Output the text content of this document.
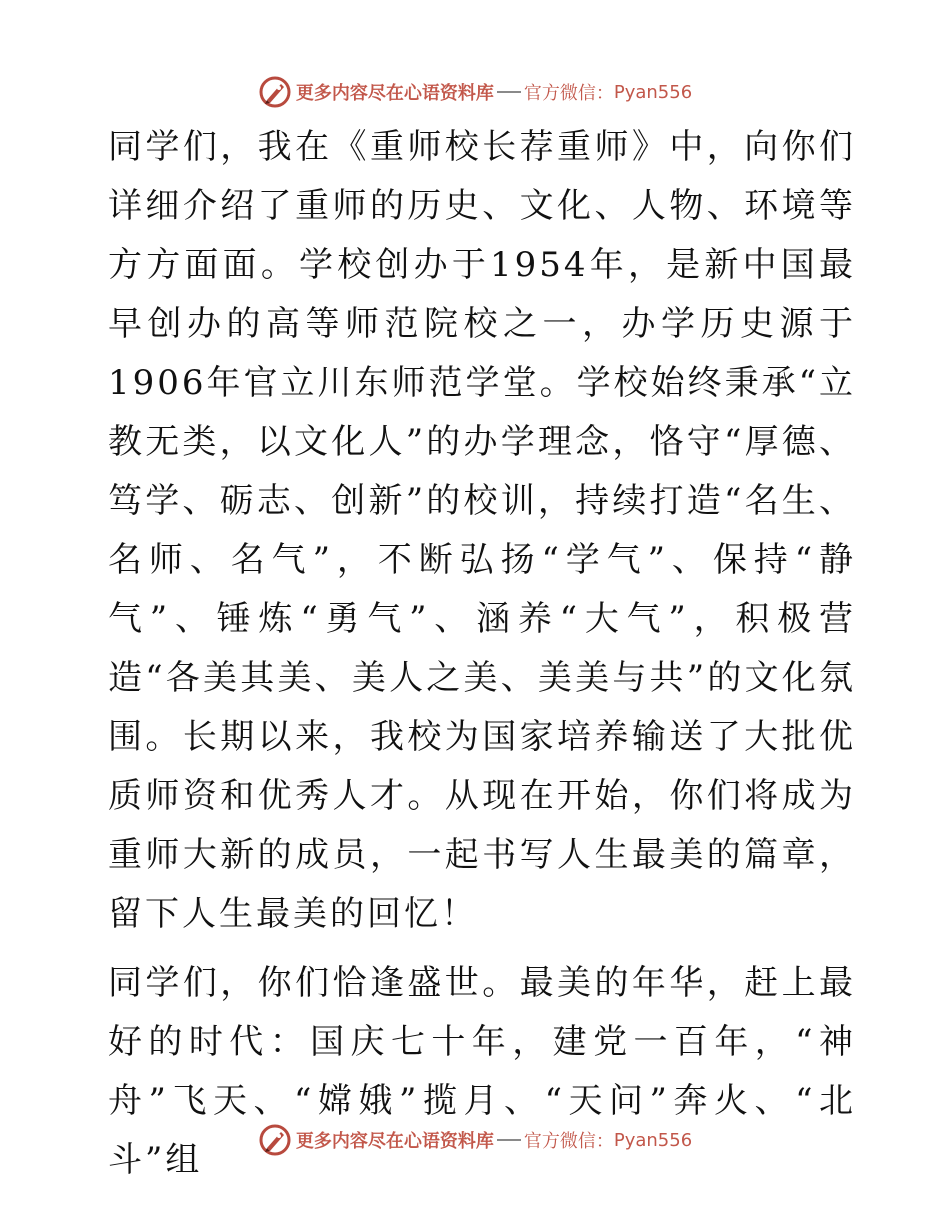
更多内容尽在心语资料库 官方微信： Pyan556

同学们，我在《重师校长荐重师》中，向你们详细介绍了重师的历史、文化、人物、环境等方方面面。学校创办于1954年，是新中国最早创办的高等师范院校之一，办学历史源于1906年官立川东师范学堂。学校始终秉承“立教无类，以文化人”的办学理念，恪守“厚德、笃学、砺志、创新”的校训，持续打造“名生、名师、名气”，不断弘扬“学气”、保持“静气”、锤炼“勇气”、涵养“大气”，积极营造“各美其美、美人之美、美美与共”的文化氛围。长期以来，我校为国家培养输送了大批优质师资和优秀人才。从现在开始，你们将成为重师大新的成员，一起书写人生最美的篇章，留下人生最美的回忆！

同学们，你们恰逢盛世。最美的年华，赶上最好的时代：国庆七十年，建党一百年，“神舟”飞天、“嫦娥”揽月、“天问”奔火、“北斗”组	更多内容尽在心语资料库 官方微信： Pyan556
